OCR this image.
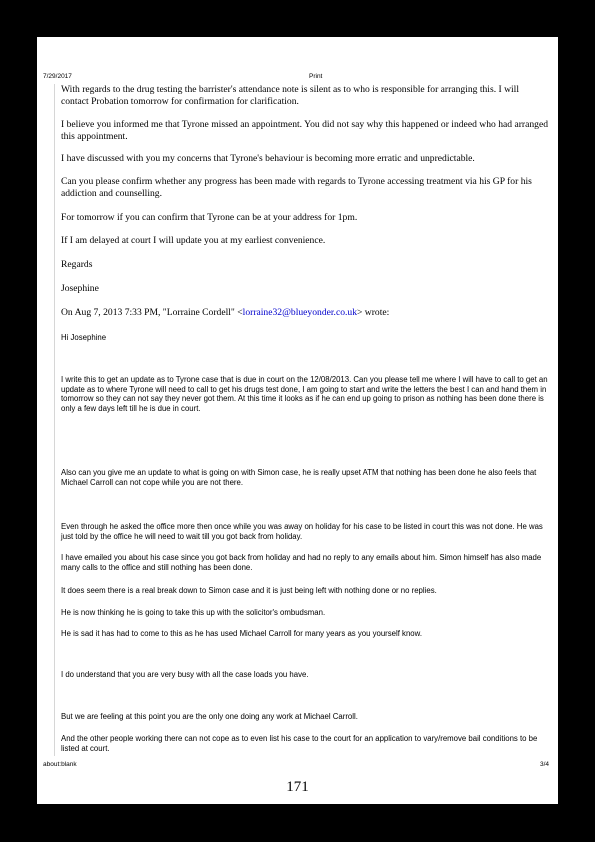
7/29/2017	Print

With regards to the drug testing the barrister's attendance note is silent as to who is responsible for arranging this. I will contact Probation tomorrow for confirmation for clarification.

I believe you informed me that Tyrone missed an appointment. You did not say why this happened or indeed who had arranged this appointment.

I have discussed with you my concerns that Tyrone's behaviour is becoming more erratic and unpredictable.

Can you please confirm whether any progress has been made with regards to Tyrone accessing treatment via his GP for his addiction and counselling.

For tomorrow if you can confirm that Tyrone can be at your address for 1pm.

If I am delayed at court I will update you at my earliest convenience.

Regards

Josephine

On Aug 7, 2013 7:33 PM, "Lorraine Cordell" <lorraine32@blueyonder.co.uk> wrote:

Hi Josephine

I write this to get an update as to Tyrone case that is due in court on the 12/08/2013. Can you please tell me where I will have to call to get an update as to where Tyrone will need to call to get his drugs test done, I am going to start and write the letters the best I can and hand them in tomorrow so they can not say they never got them. At this time it looks as if he can end up going to prison as nothing has been done there is only a few days left till he is due in court.

Also can you give me an update to what is going on with Simon case, he is really upset ATM that nothing has been done he also feels that Michael Carroll can not cope while you are not there.

Even through he asked the office more then once while you was away on holiday for his case to be listed in court this was not done. He was just told by the office he will need to wait till you got back from holiday.

I have emailed you about his case since you got back from holiday and had no reply to any emails about him. Simon himself has also made many calls to the office and still nothing has been done.

It does seem there is a real break down to Simon case and it is just being left with nothing done or no replies.

He is now thinking he is going to take this up with the solicitor's ombudsman.

He is sad it has had to come to this as he has used Michael Carroll for many years as you yourself know.

I do understand that you are very busy with all the case loads you have.

But we are feeling at this point you are the only one doing any work at Michael Carroll.

And the other people working there can not cope as to even list his case to the court for an application to vary/remove bail conditions to be listed at court.

about:blank	3/4
171
